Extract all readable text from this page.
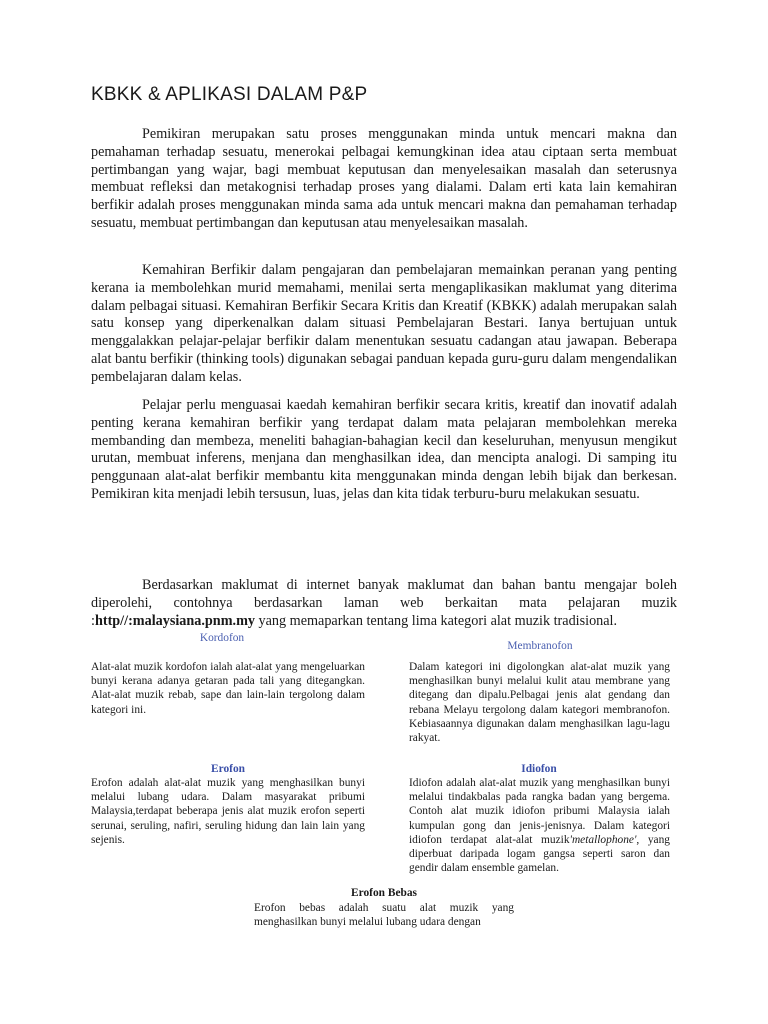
KBKK & APLIKASI DALAM P&P

Pemikiran merupakan satu proses menggunakan minda untuk mencari makna dan pemahaman terhadap sesuatu, menerokai pelbagai kemungkinan idea atau ciptaan serta membuat pertimbangan yang wajar, bagi membuat keputusan dan menyelesaikan masalah dan seterusnya membuat refleksi dan metakognisi terhadap proses yang dialami. Dalam erti kata lain kemahiran berfikir adalah proses menggunakan minda sama ada untuk mencari makna dan pemahaman terhadap sesuatu, membuat pertimbangan dan keputusan atau menyelesaikan masalah.

Kemahiran Berfikir dalam pengajaran dan pembelajaran memainkan peranan yang penting kerana ia membolehkan murid memahami, menilai serta mengaplikasikan maklumat yang diterima dalam pelbagai situasi. Kemahiran Berfikir Secara Kritis dan Kreatif (KBKK) adalah merupakan salah satu konsep yang diperkenalkan dalam situasi Pembelajaran Bestari. Ianya bertujuan untuk menggalakkan pelajar-pelajar berfikir dalam menentukan sesuatu cadangan atau jawapan. Beberapa alat bantu berfikir (thinking tools) digunakan sebagai panduan kepada guru-guru dalam mengendalikan pembelajaran dalam kelas.

Pelajar perlu menguasai kaedah kemahiran berfikir secara kritis, kreatif dan inovatif adalah penting kerana kemahiran berfikir yang terdapat dalam mata pelajaran membolehkan mereka membanding dan membeza, meneliti bahagian-bahagian kecil dan keseluruhan, menyusun mengikut urutan, membuat inferens, menjana dan menghasilkan idea, dan mencipta analogi. Di samping itu penggunaan alat-alat berfikir membantu kita menggunakan minda dengan lebih bijak dan berkesan. Pemikiran kita menjadi lebih tersusun, luas, jelas dan kita tidak terburu-buru melakukan sesuatu.

Berdasarkan maklumat di internet banyak maklumat dan bahan bantu mengajar boleh diperolehi, contohnya berdasarkan laman web berkaitan mata pelajaran muzik :http//:malaysiana.pnm.my yang memaparkan tentang lima kategori alat muzik tradisional.

Kordofon

Alat-alat muzik kordofon ialah alat-alat yang mengeluarkan bunyi kerana adanya getaran pada tali yang ditegangkan. Alat-alat muzik rebab, sape dan lain-lain tergolong dalam kategori ini.

Membranofon

Dalam kategori ini digolongkan alat-alat muzik yang menghasilkan bunyi melalui kulit atau membrane yang ditegang dan dipalu.Pelbagai jenis alat gendang dan rebana Melayu tergolong dalam kategori membranofon. Kebiasaannya digunakan dalam menghasilkan lagu-lagu rakyat.

Erofon

Erofon adalah alat-alat muzik yang menghasilkan bunyi melalui lubang udara. Dalam masyarakat pribumi Malaysia,terdapat beberapa jenis alat muzik erofon seperti serunai, seruling, nafiri, seruling hidung dan lain lain yang sejenis.

Idiofon

Idiofon adalah alat-alat muzik yang menghasilkan bunyi melalui tindakbalas pada rangka badan yang bergema. Contoh alat muzik idiofon pribumi Malaysia ialah kumpulan gong dan jenis-jenisnya. Dalam kategori idiofon terdapat alat-alat muzik'metallophone', yang diperbuat daripada logam gangsa seperti saron dan gendir dalam ensemble gamelan.

Erofon Bebas

Erofon bebas adalah suatu alat muzik yang menghasilkan bunyi melalui lubang udara dengan
